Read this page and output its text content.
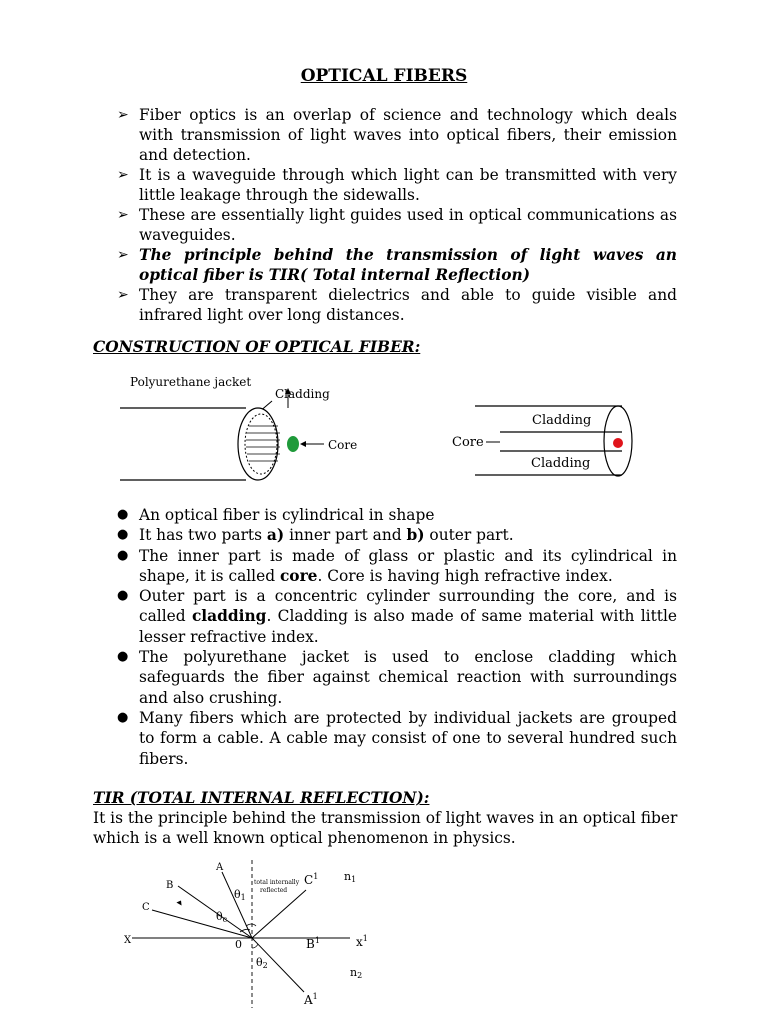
OPTICAL FIBERS
➢ Fiber optics is an overlap of science and technology which deals with transmission of light waves into optical fibers, their emission and detection.
➢ It is a waveguide through which light can be transmitted with very little leakage through the sidewalls.
➢ These are essentially light guides used in optical communications as waveguides.
➢ The principle behind the transmission of light waves an optical fiber is TIR( Total internal Reflection)
➢ They are transparent dielectrics and able to guide visible and infrared light over long distances.
CONSTRUCTION OF OPTICAL FIBER:
Polyurethane jacket
Cladding
Core
Cladding
Core
Cladding
● An optical fiber is cylindrical in shape
● It has two parts a) inner part and b) outer part.
● The inner part is made of glass or plastic and its cylindrical in shape, it is called core. Core is having high refractive index.
● Outer part is a concentric cylinder surrounding the core, and is called cladding. Cladding is also made of same material with little lesser refractive index.
● The polyurethane jacket is used to enclose cladding which safeguards the fiber against chemical reaction with surroundings and also crushing.
● Many fibers which are protected by individual jackets are grouped to form a cable. A cable may consist of one to several hundred such fibers.
TIR (TOTAL INTERNAL REFLECTION):
It is the principle behind the transmission of light waves in an optical fiber which is a well known optical phenomenon in physics.
A
B
C
X	0
θ1
θc
θ2
total internally
reflected
$C^1$ n1
$B^1$	$x^1$
n2
$A^1$
